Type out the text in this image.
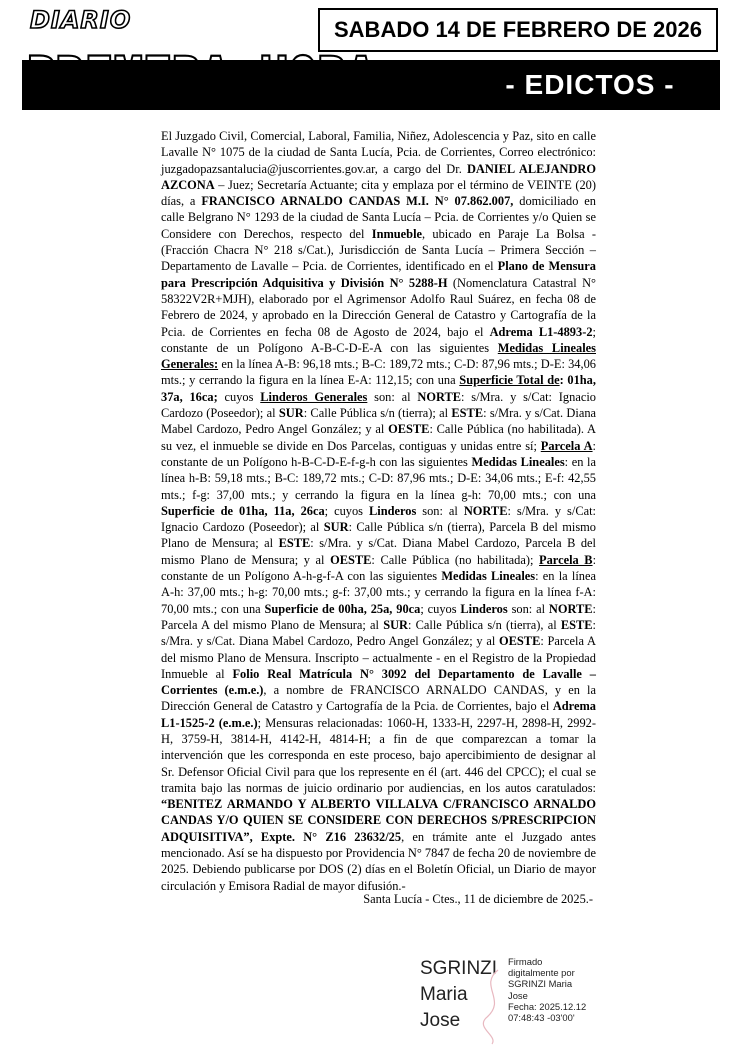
DIARIO	SABADO 14 DE FEBRERO DE 2026
- EDICTOS -

El Juzgado Civil, Comercial, Laboral, Familia, Niñez, Adolescencia y Paz, sito en calle Lavalle N° 1075 de la ciudad de Santa Lucía, Pcia. de Corrientes, Correo electrónico: juzgadopazsantalucia@juscorrientes.gov.ar, a cargo del Dr. DANIEL ALEJANDRO AZCONA – Juez; Secretaría Actuante; cita y emplaza por el término de VEINTE (20) días, a FRANCISCO ARNALDO CANDAS M.I. N° 07.862.007, domiciliado en calle Belgrano N° 1293 de la ciudad de Santa Lucía – Pcia. de Corrientes y/o Quien se Considere con Derechos, respecto del Inmueble, ubicado en Paraje La Bolsa - (Fracción Chacra N° 218 s/Cat.), Jurisdicción de Santa Lucía – Primera Sección – Departamento de Lavalle – Pcia. de Corrientes, identificado en el Plano de Mensura para Prescripción Adquisitiva y División N° 5288-H (Nomenclatura Catastral N° 58322V2R+MJH), elaborado por el Agrimensor Adolfo Raul Suárez, en fecha 08 de Febrero de 2024, y aprobado en la Dirección General de Catastro y Cartografía de la Pcia. de Corrientes en fecha 08 de Agosto de 2024, bajo el Adrema L1-4893-2; constante de un Polígono A-B-C-D-E-A con las siguientes Medidas Lineales Generales: en la línea A-B: 96,18 mts.; B-C: 189,72 mts.; C-D: 87,96 mts.; D-E: 34,06 mts.; y cerrando la figura en la línea E-A: 112,15; con una Superficie Total de: 01ha, 37a, 16ca; cuyos Linderos Generales son: al NORTE: s/Mra. y s/Cat: Ignacio Cardozo (Poseedor); al SUR: Calle Pública s/n (tierra); al ESTE: s/Mra. y s/Cat. Diana Mabel Cardozo, Pedro Angel González; y al OESTE: Calle Pública (no habilitada). A su vez, el inmueble se divide en Dos Parcelas, contiguas y unidas entre sí; Parcela A: constante de un Polígono h-B-C-D-E-f-g-h con las siguientes Medidas Lineales: en la línea h-B: 59,18 mts.; B-C: 189,72 mts.; C-D: 87,96 mts.; D-E: 34,06 mts.; E-f: 42,55 mts.; f-g: 37,00 mts.; y cerrando la figura en la línea g-h: 70,00 mts.; con una Superficie de 01ha, 11a, 26ca; cuyos Linderos son: al NORTE: s/Mra. y s/Cat: Ignacio Cardozo (Poseedor); al SUR: Calle Pública s/n (tierra), Parcela B del mismo Plano de Mensura; al ESTE: s/Mra. y s/Cat. Diana Mabel Cardozo, Parcela B del mismo Plano de Mensura; y al OESTE: Calle Pública (no habilitada); Parcela B: constante de un Polígono A-h-g-f-A con las siguientes Medidas Lineales: en la línea A-h: 37,00 mts.; h-g: 70,00 mts.; g-f: 37,00 mts.; y cerrando la figura en la línea f-A: 70,00 mts.; con una Superficie de 00ha, 25a, 90ca; cuyos Linderos son: al NORTE: Parcela A del mismo Plano de Mensura; al SUR: Calle Pública s/n (tierra), al ESTE: s/Mra. y s/Cat. Diana Mabel Cardozo, Pedro Angel González; y al OESTE: Parcela A del mismo Plano de Mensura. Inscripto – actualmente - en el Registro de la Propiedad Inmueble al Folio Real Matrícula N° 3092 del Departamento de Lavalle – Corrientes (e.m.e.), a nombre de FRANCISCO ARNALDO CANDAS, y en la Dirección General de Catastro y Cartografía de la Pcia. de Corrientes, bajo el Adrema L1-1525-2 (e.m.e.); Mensuras relacionadas: 1060-H, 1333-H, 2297-H, 2898-H, 2992-H, 3759-H, 3814-H, 4142-H, 4814-H; a fin de que comparezcan a tomar la intervención que les corresponda en este proceso, bajo apercibimiento de designar al Sr. Defensor Oficial Civil para que los represente en él (art. 446 del CPCC); el cual se tramita bajo las normas de juicio ordinario por audiencias, en los autos caratulados: “BENITEZ ARMANDO Y ALBERTO VILLALVA C/FRANCISCO ARNALDO CANDAS Y/O QUIEN SE CONSIDERE CON DERECHOS S/PRESCRIPCION ADQUISITIVA”, Expte. N° Z16 23632/25, en trámite ante el Juzgado antes mencionado. Así se ha dispuesto por Providencia N° 7847 de fecha 20 de noviembre de 2025. Debiendo publicarse por DOS (2) días en el Boletín Oficial, un Diario de mayor circulación y Emisora Radial de mayor difusión.-

Santa Lucía - Ctes., 11 de diciembre de 2025.-
SGRINZI
Maria
Jose
Firmado
digitalmente por
SGRINZI Maria
Jose
Fecha: 2025.12.12
07:48:43 -03'00'
